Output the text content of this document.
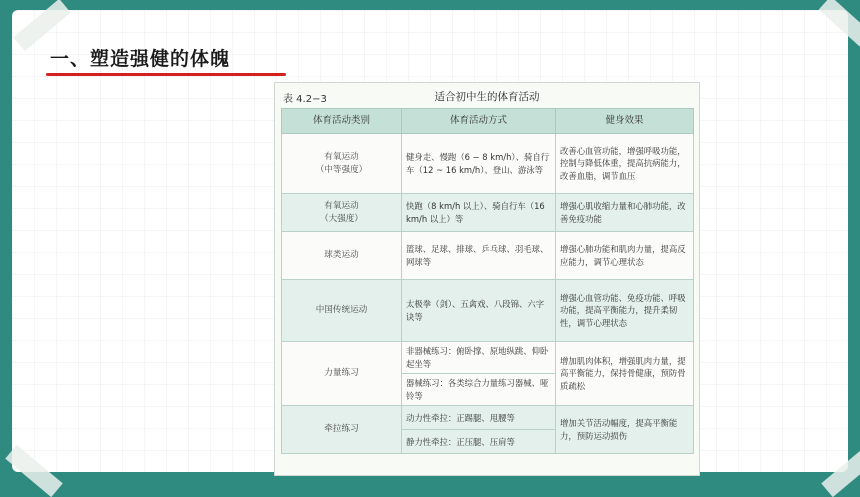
一、塑造强健的体魄
表 4.2−3	适合初中生的体育活动
体育活动类别	体育活动方式	健身效果
有氧运动
（中等强度）	健身走、慢跑（6 − 8 km/h）、骑自行车（12 ~ 16 km/h）、登山、游泳等	改善心血管功能，增强呼吸功能，控制与降低体重，提高抗病能力，改善血脂，调节血压
有氧运动
（大强度）	快跑（8 km/h 以上）、骑自行车（16 km/h 以上）等	增强心肌收缩力量和心肺功能，改善免疫功能
球类运动	篮球、足球、排球、乒乓球、羽毛球、网球等	增强心肺功能和肌肉力量，提高反应能力，调节心理状态
中国传统运动	太极拳（剑）、五禽戏、八段锦、六字诀等	增强心血管功能、免疫功能、呼吸功能，提高平衡能力，提升柔韧性，调节心理状态
力量练习	非器械练习：俯卧撑、原地纵跳、仰卧起坐等	增加肌肉体积，增强肌肉力量，提高平衡能力，保持骨健康，预防骨质疏松
	器械练习：各类综合力量练习器械、哑铃等	
牵拉练习	动力性牵拉：正踢腿、甩腰等	增加关节活动幅度，提高平衡能力，预防运动损伤
	静力性牵拉：正压腿、压肩等	
